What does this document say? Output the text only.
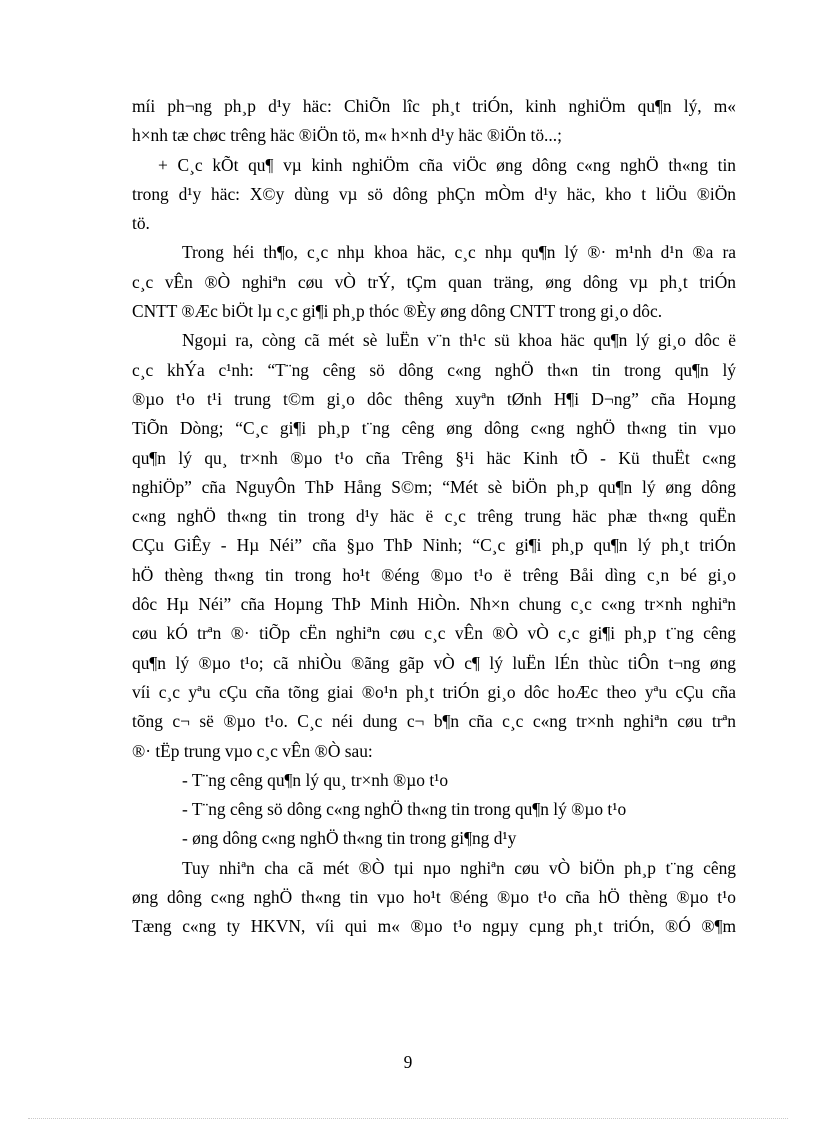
míi ph¬ng ph¸p d¹y häc: ChiÕn lîc ph¸t triÓn, kinh nghiÖm qu¶n lý, m«
h×nh tæ chøc trêng häc ®iÖn tö, m« h×nh d¹y häc ®iÖn tö...;
+ C¸c kÕt qu¶ vµ kinh nghiÖm cña viÖc øng dông c«ng nghÖ th«ng tin
trong d¹y häc: X©y dùng vµ sö dông phÇn mÒm d¹y häc, kho t liÖu ®iÖn
tö.
Trong héi th¶o, c¸c nhµ khoa häc, c¸c nhµ qu¶n lý ®· m¹nh d¹n ®a ra
c¸c vÊn ®Ò nghiªn cøu vÒ trÝ, tÇm quan träng, øng dông vµ ph¸t triÓn
CNTT ®Æc biÖt lµ c¸c gi¶i ph¸p thóc ®Èy øng dông CNTT trong gi¸o dôc.
Ngoµi ra, còng cã mét sè luËn v¨n th¹c sü khoa häc qu¶n lý gi¸o dôc ë
c¸c khÝa c¹nh: “T¨ng cêng sö dông c«ng nghÖ th«n tin trong qu¶n lý
®µo t¹o t¹i trung t©m gi¸o dôc thêng xuyªn tØnh H¶i D¬ng” cña Hoµng
TiÕn Dòng; “C¸c gi¶i ph¸p t¨ng cêng øng dông c«ng nghÖ th«ng tin vµo
qu¶n lý qu¸ tr×nh ®µo t¹o cña Trêng §¹i häc Kinh tÕ - Kü thuËt c«ng
nghiÖp” cña NguyÔn ThÞ Hång S©m; “Mét sè biÖn ph¸p qu¶n lý øng dông
c«ng nghÖ th«ng tin trong d¹y häc ë c¸c trêng trung häc phæ th«ng quËn
CÇu GiÊy - Hµ Néi” cña §µo ThÞ Ninh; “C¸c gi¶i ph¸p qu¶n lý ph¸t triÓn
hÖ thèng th«ng tin trong ho¹t ®éng ®µo t¹o ë trêng Båi dìng c¸n bé gi¸o
dôc Hµ Néi” cña Hoµng ThÞ Minh HiÒn. Nh×n chung c¸c c«ng tr×nh nghiªn
cøu kÓ trªn ®· tiÕp cËn nghiªn cøu c¸c vÊn ®Ò vÒ c¸c gi¶i ph¸p t¨ng cêng
qu¶n lý ®µo t¹o; cã nhiÒu ®ãng gãp vÒ c¶ lý luËn lÉn thùc tiÔn t¬ng øng
víi c¸c yªu cÇu cña tõng giai ®o¹n ph¸t triÓn gi¸o dôc hoÆc theo yªu cÇu cña
tõng c¬ së ®µo t¹o. C¸c néi dung c¬ b¶n cña c¸c c«ng tr×nh nghiªn cøu trªn
®· tËp trung vµo c¸c vÊn ®Ò sau:
- T¨ng cêng qu¶n lý qu¸ tr×nh ®µo t¹o
- T¨ng cêng sö dông c«ng nghÖ th«ng tin trong qu¶n lý ®µo t¹o
- øng dông c«ng nghÖ th«ng tin trong gi¶ng d¹y
Tuy nhiªn cha cã mét ®Ò tµi nµo nghiªn cøu vÒ biÖn ph¸p t¨ng cêng
øng dông c«ng nghÖ th«ng tin vµo ho¹t ®éng ®µo t¹o cña hÖ thèng ®µo t¹o
Tæng c«ng ty HKVN, víi qui m« ®µo t¹o ngµy cµng ph¸t triÓn, ®Ó ®¶m
9
